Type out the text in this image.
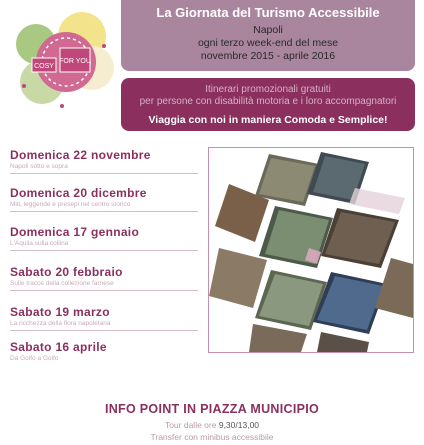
COSY
FOR YOU
La Giornata del Turismo Accessibile
Napoli
ogni terzo week-end del mese
novembre 2015 - aprile 2016
Itinerari promozionali gratuiti
per persone con disabilità motoria e i loro accompagnatori
Viaggia con noi in maniera Comoda e Semplice!
Domenica 22 novembre
Napoli sotto e sopra
Domenica 20 dicembre
Miti, leggende e presepi nel centro storico
Domenica 17 gennaio
L'Aquila sulla collina
Sabato 20 febbraio
Sulle tracce della collezione farnese
Sabato 19 marzo
La ricchezza della flora napoletana
Sabato 16 aprile
Da Golfo a Golfo
INFO POINT IN PIAZZA MUNICIPIO
Tour dalle ore 9,30/13,00
Transfer con minibus accessibile
